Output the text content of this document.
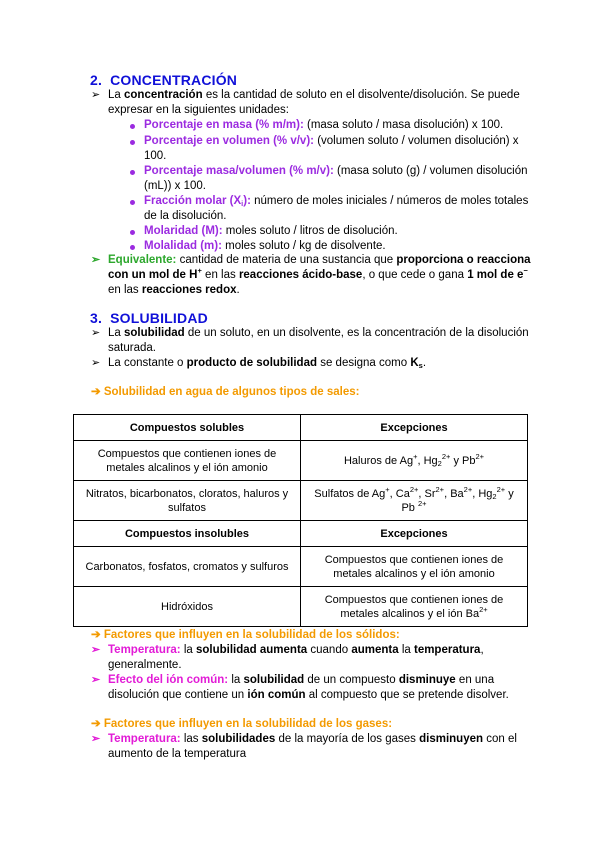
2. CONCENTRACIÓN
➢ La concentración es la cantidad de soluto en el disolvente/disolución. Se puede
expresar en la siguientes unidades:
Porcentaje en masa (% m/m): (masa soluto / masa disolución) x 100.
Porcentaje en volumen (% v/v): (volumen soluto / volumen disolución) x
100.
Porcentaje masa/volumen (% m/v): (masa soluto (g) / volumen disolución
(mL)) x 100.
Fracción molar $(X_i)$: número de moles iniciales / números de moles totales
de la disolución.
Molaridad (M): moles soluto / litros de disolución.
Molalidad (m): moles soluto / kg de disolvente.
➢ Equivalente: cantidad de materia de una sustancia que proporciona o reacciona
con un mol de H+ en las reacciones ácido-base, o que cede o gana 1 mol de e−
en las reacciones redox.
3. SOLUBILIDAD
➢ La solubilidad de un soluto, en un disolvente, es la concentración de la disolución
saturada.
➢ La constante o producto de solubilidad se designa como $K_s$.
➔ Solubilidad en agua de algunos tipos de sales:
Compuestos solubles	Excepciones
Compuestos que contienen iones de metales alcalinos y el ión amonio	Haluros de Ag+, $Hg_2^{2+}$ y $Pb^{2+}$
Nitratos, bicarbonatos, cloratos, haluros y sulfatos	Sulfatos de Ag+, $Ca^{2+}$, $Sr^{2+}$, $Ba^{2+}$, $Hg_2^{2+}$ y Pb $^{2+}$
Compuestos insolubles	Excepciones
Carbonatos, fosfatos, cromatos y sulfuros	Compuestos que contienen iones de metales alcalinos y el ión amonio
Hidróxidos	Compuestos que contienen iones de metales alcalinos y el ión $Ba^{2+}$
➔ Factores que influyen en la solubilidad de los sólidos:
➢ Temperatura: la solubilidad aumenta cuando aumenta la temperatura,
generalmente.
➢ Efecto del ión común: la solubilidad de un compuesto disminuye en una
disolución que contiene un ión común al compuesto que se pretende disolver.
➔ Factores que influyen en la solubilidad de los gases:
➢ Temperatura: las solubilidades de la mayoría de los gases disminuyen con el
aumento de la temperatura
